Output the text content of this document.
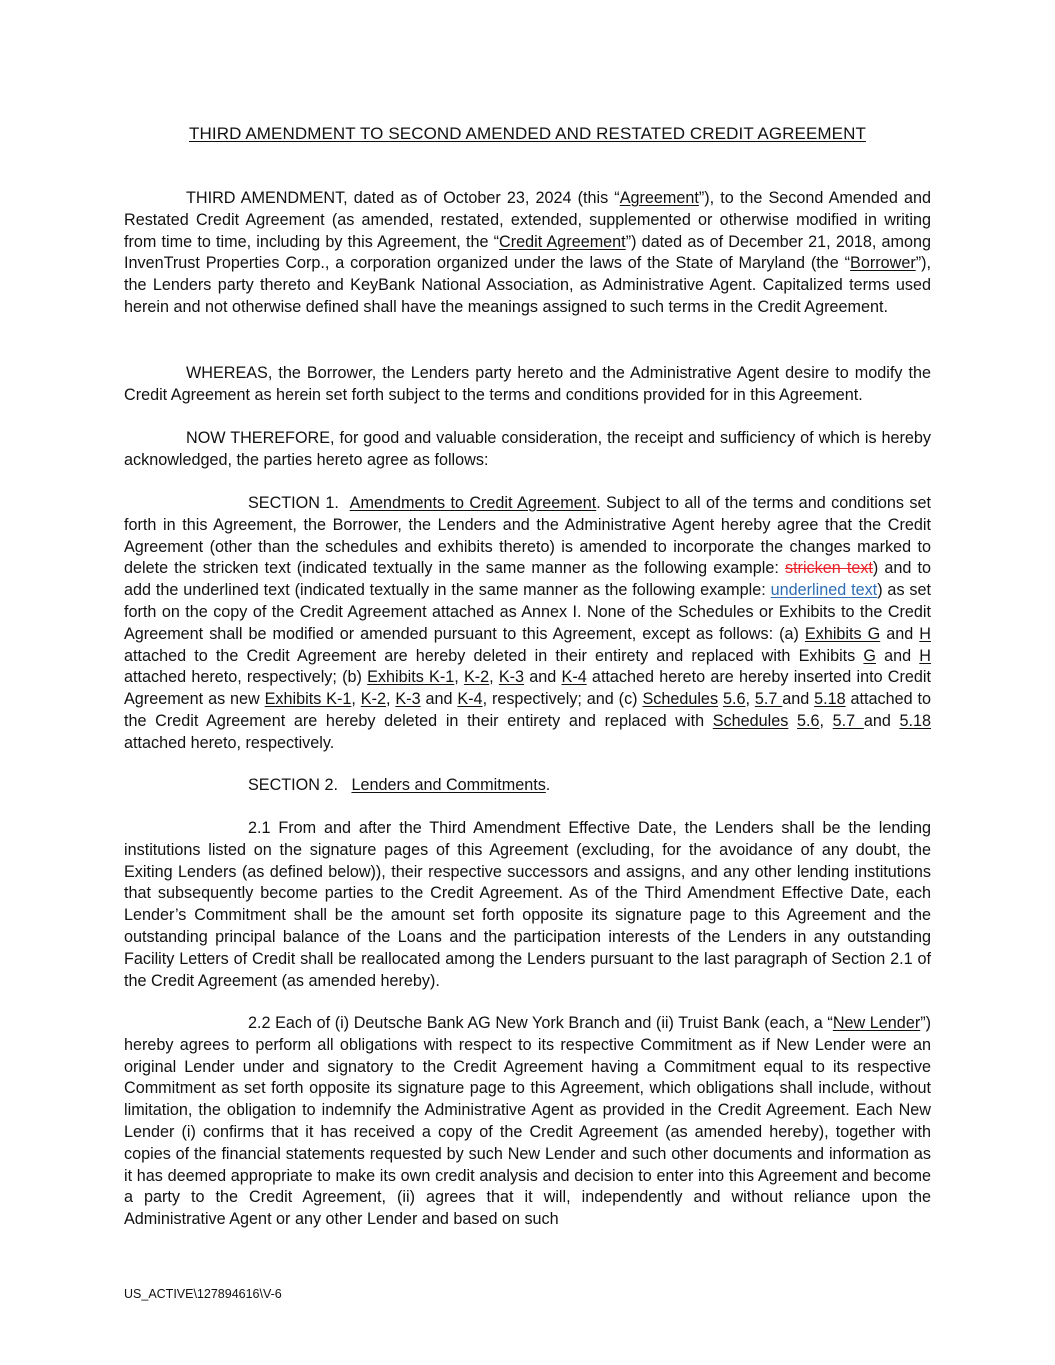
THIRD AMENDMENT TO SECOND AMENDED AND RESTATED CREDIT AGREEMENT

THIRD AMENDMENT, dated as of October 23, 2024 (this “Agreement”), to the Second Amended and Restated Credit Agreement (as amended, restated, extended, supplemented or otherwise modified in writing from time to time, including by this Agreement, the “Credit Agreement”) dated as of December 21, 2018, among InvenTrust Properties Corp., a corporation organized under the laws of the State of Maryland (the “Borrower”), the Lenders party thereto and KeyBank National Association, as Administrative Agent. Capitalized terms used herein and not otherwise defined shall have the meanings assigned to such terms in the Credit Agreement.

WHEREAS, the Borrower, the Lenders party hereto and the Administrative Agent desire to modify the Credit Agreement as herein set forth subject to the terms and conditions provided for in this Agreement.

NOW THEREFORE, for good and valuable consideration, the receipt and sufficiency of which is hereby acknowledged, the parties hereto agree as follows:

SECTION 1. Amendments to Credit Agreement. Subject to all of the terms and conditions set forth in this Agreement, the Borrower, the Lenders and the Administrative Agent hereby agree that the Credit Agreement (other than the schedules and exhibits thereto) is amended to incorporate the changes marked to delete the stricken text (indicated textually in the same manner as the following example: stricken text) and to add the underlined text (indicated textually in the same manner as the following example: underlined text) as set forth on the copy of the Credit Agreement attached as Annex I. None of the Schedules or Exhibits to the Credit Agreement shall be modified or amended pursuant to this Agreement, except as follows: (a) Exhibits G and H attached to the Credit Agreement are hereby deleted in their entirety and replaced with Exhibits G and H attached hereto, respectively; (b) Exhibits K-1, K-2, K-3 and K-4 attached hereto are hereby inserted into Credit Agreement as new Exhibits K-1, K-2, K-3 and K-4, respectively; and (c) Schedules 5.6, 5.7 and 5.18 attached to the Credit Agreement are hereby deleted in their entirety and replaced with Schedules 5.6, 5.7 and 5.18 attached hereto, respectively.

SECTION 2. Lenders and Commitments.

2.1 From and after the Third Amendment Effective Date, the Lenders shall be the lending institutions listed on the signature pages of this Agreement (excluding, for the avoidance of any doubt, the Exiting Lenders (as defined below)), their respective successors and assigns, and any other lending institutions that subsequently become parties to the Credit Agreement. As of the Third Amendment Effective Date, each Lender’s Commitment shall be the amount set forth opposite its signature page to this Agreement and the outstanding principal balance of the Loans and the participation interests of the Lenders in any outstanding Facility Letters of Credit shall be reallocated among the Lenders pursuant to the last paragraph of Section 2.1 of the Credit Agreement (as amended hereby).

2.2 Each of (i) Deutsche Bank AG New York Branch and (ii) Truist Bank (each, a “New Lender”) hereby agrees to perform all obligations with respect to its respective Commitment as if New Lender were an original Lender under and signatory to the Credit Agreement having a Commitment equal to its respective Commitment as set forth opposite its signature page to this Agreement, which obligations shall include, without limitation, the obligation to indemnify the Administrative Agent as provided in the Credit Agreement. Each New Lender (i) confirms that it has received a copy of the Credit Agreement (as amended hereby), together with copies of the financial statements requested by such New Lender and such other documents and information as it has deemed appropriate to make its own credit analysis and decision to enter into this Agreement and become a party to the Credit Agreement, (ii) agrees that it will, independently and without reliance upon the Administrative Agent or any other Lender and based on such

US_ACTIVE\127894616\V-6
